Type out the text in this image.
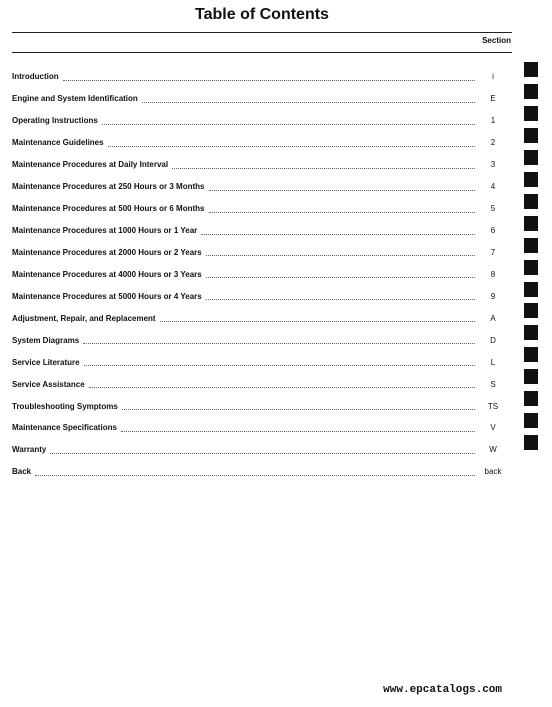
Table of Contents
Section
Introduction	i
Engine and System Identification	E
Operating Instructions	1
Maintenance Guidelines	2
Maintenance Procedures at Daily Interval	3
Maintenance Procedures at 250 Hours or 3 Months	4
Maintenance Procedures at 500 Hours or 6 Months	5
Maintenance Procedures at 1000 Hours or 1 Year	6
Maintenance Procedures at 2000 Hours or 2 Years	7
Maintenance Procedures at 4000 Hours or 3 Years	8
Maintenance Procedures at 5000 Hours or 4 Years	9
Adjustment, Repair, and Replacement	A
System Diagrams	D
Service Literature	L
Service Assistance	S
Troubleshooting Symptoms	TS
Maintenance Specifications	V
Warranty	W
Back	back
www.epcatalogs.com
